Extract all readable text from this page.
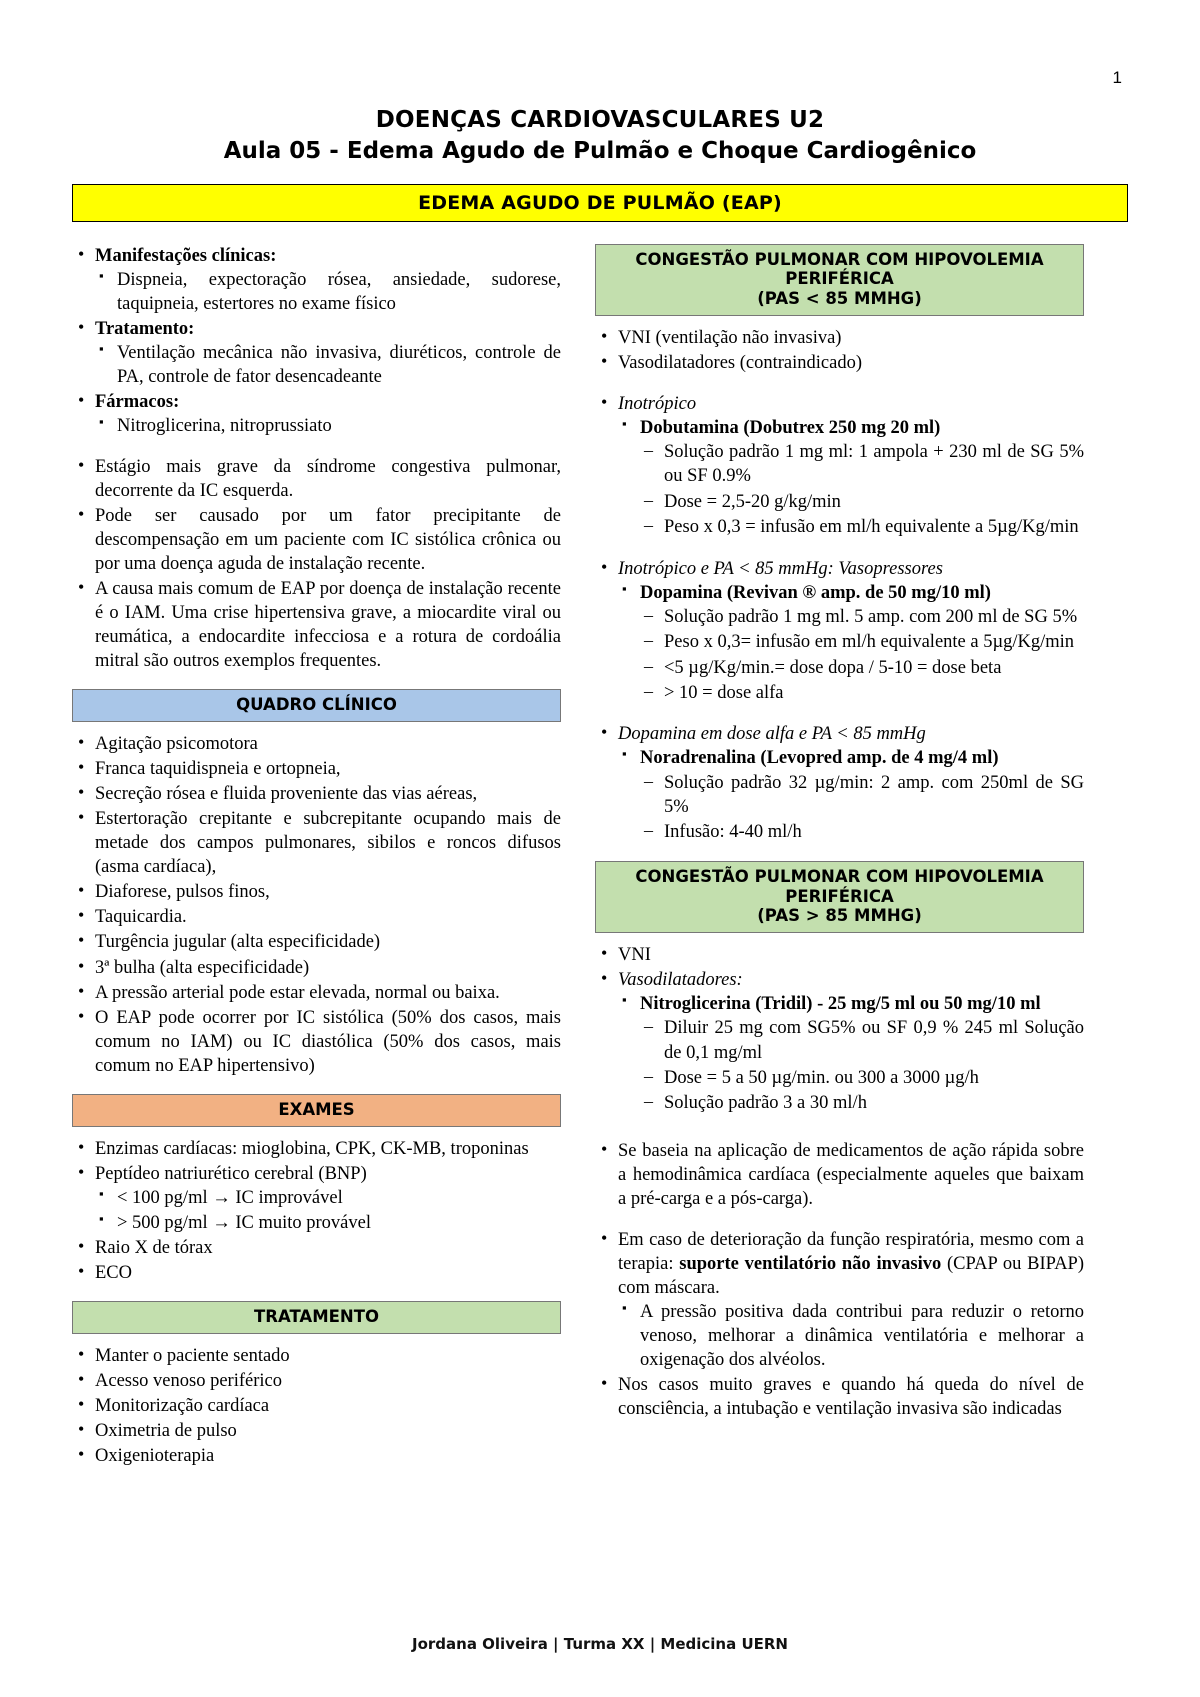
1
DOENÇAS CARDIOVASCULARES U2
Aula 05 - Edema Agudo de Pulmão e Choque Cardiogênico
EDEMA AGUDO DE PULMÃO (EAP)
• Manifestações clínicas:
▪ Dispneia, expectoração rósea, ansiedade, sudorese, taquipneia, estertores no exame físico
• Tratamento:
▪ Ventilação mecânica não invasiva, diuréticos, controle de PA, controle de fator desencadeante
• Fármacos:
▪ Nitroglicerina, nitroprussiato
• Estágio mais grave da síndrome congestiva pulmonar, decorrente da IC esquerda.
• Pode ser causado por um fator precipitante de descompensação em um paciente com IC sistólica crônica ou por uma doença aguda de instalação recente.
• A causa mais comum de EAP por doença de instalação recente é o IAM. Uma crise hipertensiva grave, a miocardite viral ou reumática, a endocardite infecciosa e a rotura de cordoália mitral são outros exemplos frequentes.
QUADRO CLÍNICO
• Agitação psicomotora
• Franca taquidispneia e ortopneia,
• Secreção rósea e fluida proveniente das vias aéreas,
• Estertoração crepitante e subcrepitante ocupando mais de metade dos campos pulmonares, sibilos e roncos difusos (asma cardíaca),
• Diaforese, pulsos finos,
• Taquicardia.
• Turgência jugular (alta especificidade)
• 3ª bulha (alta especificidade)
• A pressão arterial pode estar elevada, normal ou baixa.
• O EAP pode ocorrer por IC sistólica (50% dos casos, mais comum no IAM) ou IC diastólica (50% dos casos, mais comum no EAP hipertensivo)
EXAMES
• Enzimas cardíacas: mioglobina, CPK, CK-MB, troponinas
• Peptídeo natriurético cerebral (BNP)
▪ < 100 pg/ml → IC improvável
▪ > 500 pg/ml → IC muito provável
• Raio X de tórax
• ECO
TRATAMENTO
• Manter o paciente sentado
• Acesso venoso periférico
• Monitorização cardíaca
• Oximetria de pulso
• Oxigenioterapia
CONGESTÃO PULMONAR COM HIPOVOLEMIA PERIFÉRICA
(PAS < 85 MMHG)
• VNI (ventilação não invasiva)
• Vasodilatadores (contraindicado)
• Inotrópico
▪ Dobutamina (Dobutrex 250 mg 20 ml)
– Solução padrão 1 mg ml: 1 ampola + 230 ml de SG 5% ou SF 0.9%
– Dose = 2,5-20 g/kg/min
– Peso x 0,3 = infusão em ml/h equivalente a 5µg/Kg/min
• Inotrópico e PA < 85 mmHg: Vasopressores
▪ Dopamina (Revivan ® amp. de 50 mg/10 ml)
– Solução padrão 1 mg ml. 5 amp. com 200 ml de SG 5%
– Peso x 0,3= infusão em ml/h equivalente a 5µg/Kg/min
– <5 µg/Kg/min.= dose dopa / 5-10 = dose beta
– > 10 = dose alfa
• Dopamina em dose alfa e PA < 85 mmHg
▪ Noradrenalina (Levopred amp. de 4 mg/4 ml)
– Solução padrão 32 µg/min: 2 amp. com 250ml de SG 5%
– Infusão: 4-40 ml/h
CONGESTÃO PULMONAR COM HIPOVOLEMIA PERIFÉRICA
(PAS > 85 MMHG)
• VNI
• Vasodilatadores:
▪ Nitroglicerina (Tridil) - 25 mg/5 ml ou 50 mg/10 ml
– Diluir 25 mg com SG5% ou SF 0,9 % 245 ml Solução de 0,1 mg/ml
– Dose = 5 a 50 µg/min. ou 300 a 3000 µg/h
– Solução padrão 3 a 30 ml/h
• Se baseia na aplicação de medicamentos de ação rápida sobre a hemodinâmica cardíaca (especialmente aqueles que baixam a pré-carga e a pós-carga).
• Em caso de deterioração da função respiratória, mesmo com a terapia: suporte ventilatório não invasivo (CPAP ou BIPAP) com máscara.
▪ A pressão positiva dada contribui para reduzir o retorno venoso, melhorar a dinâmica ventilatória e melhorar a oxigenação dos alvéolos.
• Nos casos muito graves e quando há queda do nível de consciência, a intubação e ventilação invasiva são indicadas
Jordana Oliveira | Turma XX | Medicina UERN
